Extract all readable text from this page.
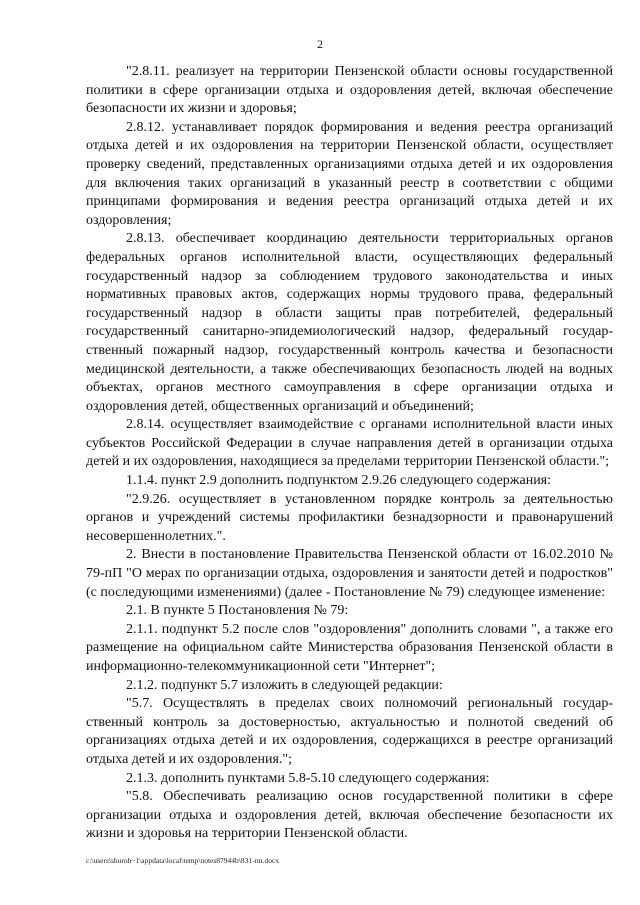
2

"2.8.11. реализует на территории Пензенской области основы государственной политики в сфере организации отдыха и оздоровления детей, включая обеспечение безопасности их жизни и здоровья;

2.8.12. устанавливает порядок формирования и ведения реестра организаций отдыха детей и их оздоровления на территории Пензенской области, осуществляет проверку сведений, представленных организациями отдыха детей и их оздоровления для включения таких организаций в указанный реестр в соответствии с общими принципами формирования и ведения реестра организаций отдыха детей и их оздоровления;

2.8.13. обеспечивает координацию деятельности территориальных органов федеральных органов исполнительной власти, осуществляющих федеральный государственный надзор за соблюдением трудового законодательства и иных нормативных правовых актов, содержащих нормы трудового права, федеральный государственный надзор в области защиты прав потребителей, федеральный государственный санитарно-эпидемиологический надзор, федеральный государственный пожарный надзор, государственный контроль качества и безопасности медицинской деятельности, а также обеспечивающих безопасность людей на водных объектах, органов местного самоуправления в сфере организации отдыха и оздоровления детей, общественных организаций и объединений;

2.8.14. осуществляет взаимодействие с органами исполнительной власти иных субъектов Российской Федерации в случае направления детей в организации отдыха детей и их оздоровления, находящиеся за пределами территории Пензенской области.";

1.1.4. пункт 2.9 дополнить подпунктом 2.9.26 следующего содержания:

"2.9.26. осуществляет в установленном порядке контроль за деятельностью органов и учреждений системы профилактики безнадзорности и правонарушений несовершеннолетних.".

2. Внести в постановление Правительства Пензенской области от 16.02.2010 № 79-пП "О мерах по организации отдыха, оздоровления и занятости детей и подростков" (с последующими изменениями) (далее - Постановление № 79) следующее изменение:

2.1. В пункте 5 Постановления № 79:

2.1.1. подпункт 5.2 после слов "оздоровления" дополнить словами ", а также его размещение на официальном сайте Министерства образования Пензенской области в информационно-телекоммуникационной сети "Интернет";

2.1.2. подпункт 5.7 изложить в следующей редакции:

"5.7. Осуществлять в пределах своих полномочий региональный государственный контроль за достоверностью, актуальностью и полнотой сведений об организациях отдыха детей и их оздоровления, содержащихся в реестре организаций отдыха детей и их оздоровления.";

2.1.3. дополнить пунктами 5.8-5.10 следующего содержания:

"5.8. Обеспечивать реализацию основ государственной политики в сфере организации отдыха и оздоровления детей, включая обеспечение безопасности их жизни и здоровья на территории Пензенской области.

c:\users\shuroh~1\appdata\local\temp\notes87944b\831-пп.docx
